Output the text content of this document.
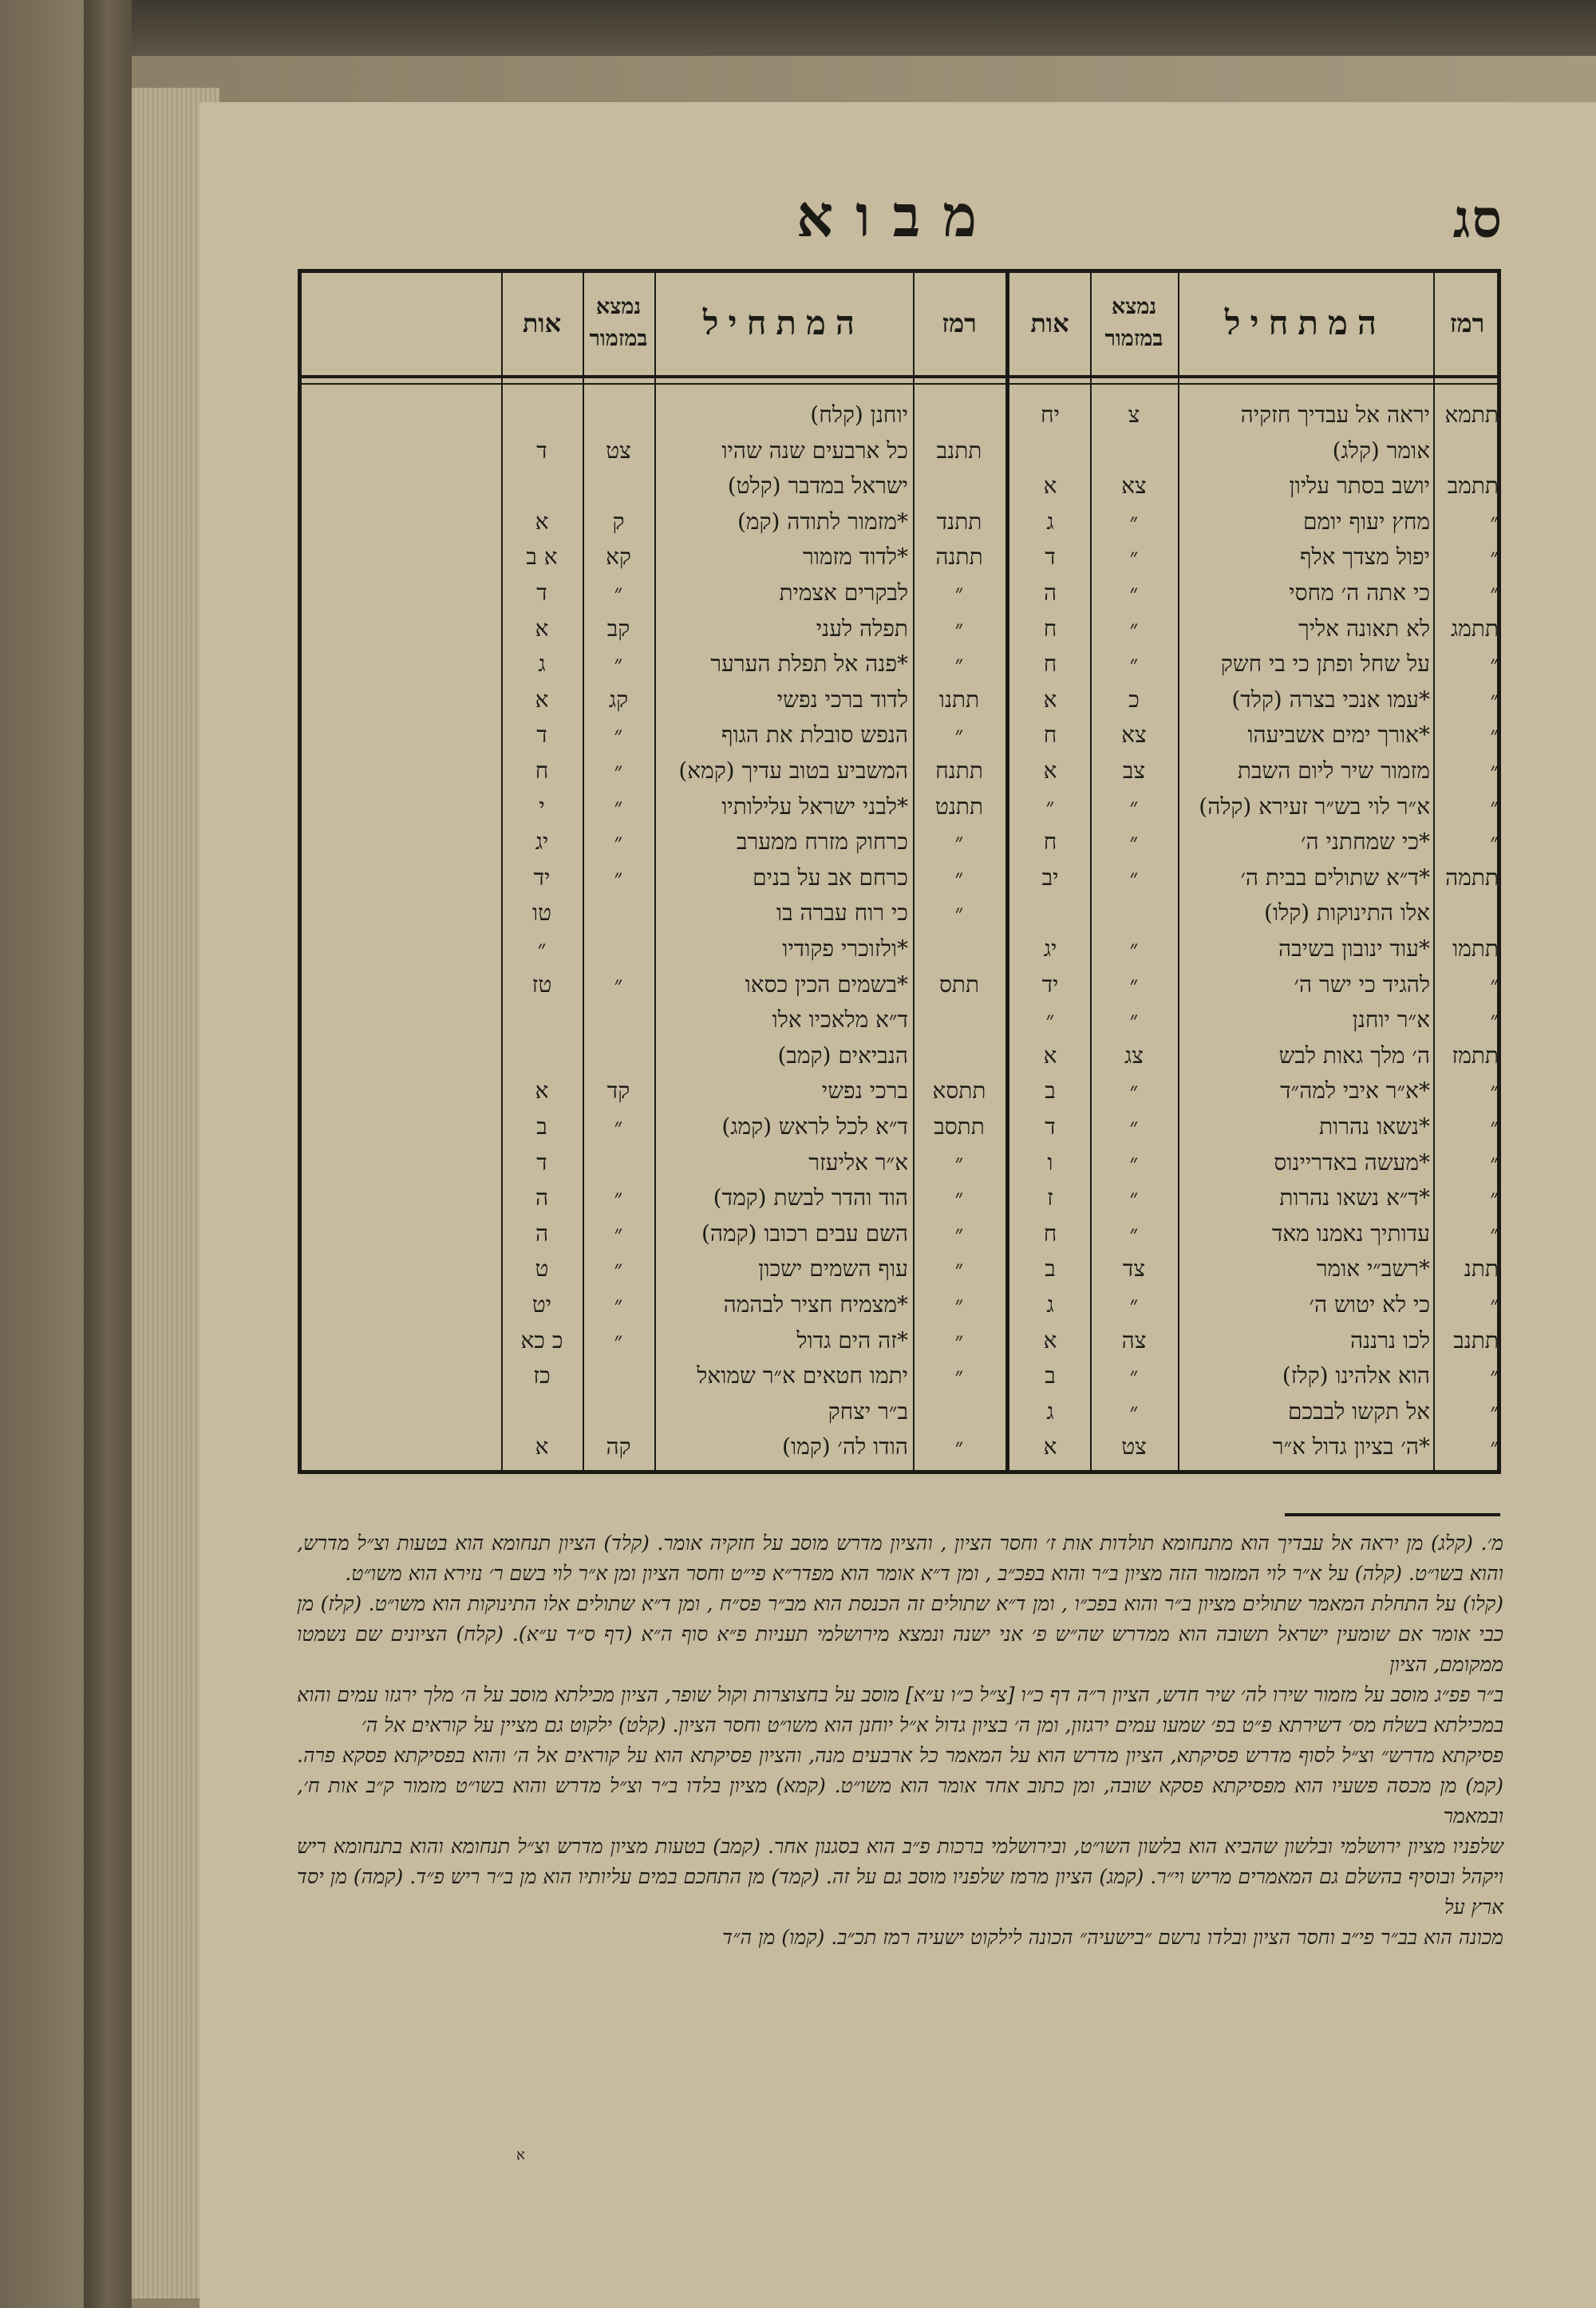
מבוא	סג
רמז
המתחיל
נמצא
במזמור
אות
רמז
המתחיל
נמצא
במזמור
אות
תתמא
יראה אל עבדיך חזקיה
צ
יח
אומר (קלג)
תתמב
יושב בסתר עליון
צא
א
״
מחץ יעוף יומם
״
ג
״
יפול מצדך אלף
״
ד
״
כי אתה ה׳ מחסי
״
ה
תתמג
לא תאונה אליך
״
ח
״
על שחל ופתן כי בי חשק
״
ח
״
*עמו אנכי בצרה (קלד)
כ
א
״
*אורך ימים אשביעהו
צא
ח
״
מזמור שיר ליום השבת
צב
א
״
א״ר לוי בש״ר זעירא (קלה)
״
״
״
*כי שמחתני ה׳
״
ח
תתמה
*ד״א שתולים בבית ה׳
״
יב
אלו התינוקות (קלו)
תתמו
*עוד ינובון בשיבה
״
יג
״
להגיד כי ישר ה׳
״
יד
״
א״ר יוחנן
״
״
תתמז
ה׳ מלך גאות לבש
צג
א
״
*א״ר איבי למה״ד
״
ב
״
*נשאו נהרות
״
ד
״
*מעשה באדריינוס
״
ו
״
*ד״א נשאו נהרות
״
ז
״
עדותיך נאמנו מאד
״
ח
תתנ
*רשב״י אומר
צד
ב
״
כי לא יטוש ה׳
״
ג
תתנב
לכו נרננה
צה
א
״
הוא אלהינו (קלז)
״
ב
״
אל תקשו לבבכם
״
ג
״
*ה׳ בציון גדול א״ר
צט
א
יוחנן (קלח)
תתנב
כל ארבעים שנה שהיו
צט
ד
ישראל במדבר (קלט)
תתנד
*מזמור לתודה (קמ)
ק
א
תתנה
*לדוד מזמור
קא
א ב
״
לבקרים אצמית
״
ד
״
תפלה לעני
קב
א
״
*פנה אל תפלת הערער
״
ג
תתנו
לדוד ברכי נפשי
קג
א
״
הנפש סובלת את הגוף
״
ד
תתנח
המשביע בטוב עדיך (קמא)
״
ח
תתנט
*לבני ישראל עלילותיו
״
י
״
כרחוק מזרח ממערב
״
יג
״
כרחם אב על בנים
״
יד
״
כי רוח עברה בו
טו
*ולזוכרי פקודיו
״
תתס
*בשמים הכין כסאו
״
טז
ד״א מלאכיו אלו
הנביאים (קמב)
תתסא
ברכי נפשי
קד
א
תתסב
ד״א לכל לראש (קמג)
״
ב
״
א״ר אליעזר
ד
״
הוד והדר לבשת (קמד)
״
ה
״
השם עבים רכובו (קמה)
״
ה
״
עוף השמים ישכון
״
ט
״
*מצמיח חציר לבהמה
״
יט
״
*זה הים גדול
״
כ כא
״
יתמו חטאים א״ר שמואל
כז
ב״ר יצחק
״
הודו לה׳ (קמו)
קה
א

מ׳. (קלג) מן יראה אל עבדיך הוא מתנחומא תולדות אות ז׳ וחסר הציון , והציון מדרש מוסב על חזקיה אומר. (קלד) הציון תנחומא הוא בטעות וצ״ל מדרש, והוא בשו״ט. (קלה) על א״ר לוי המזמור הזה מציון ב״ר והוא בפכ״ב , ומן ד״א אומר הוא מפדר״א פי״ט וחסר הציון ומן א״ר לוי בשם ר׳ נזירא הוא משו״ט.

(קלו) על התחלת המאמר שתולים מציון ב״ר והוא בפכ״ו , ומן ד״א שתולים זה הכנסת הוא מב״ר פס״ח , ומן ד״א שתולים אלו התינוקות הוא משו״ט. (קלז) מן כבי אומר אם שומעין ישראל תשובה הוא ממדרש שה״ש פ׳ אני ישנה ונמצא מירושלמי תעניות פ״א סוף ה״א (דף ס״ד ע״א). (קלח) הציונים שם נשמטו ממקומם, הציון

ב״ר פפ״ג מוסב על מזמור שירו לה׳ שיר חדש, הציון ר״ה דף כ״ו [צ״ל כ״ו ע״א] מוסב על בחצוצרות וקול שופר, הציון מכילתא מוסב על ה׳ מלך ירגזו עמים והוא במכילתא בשלח מס׳ דשירתא פ״ט בפ׳ שמעו עמים ירגזון, ומן ה׳ בציון גדול א״ל יוחנן הוא משו״ט וחסר הציון. (קלט) ילקוט גם מציין על קוראים אל ה׳

פסיקתא מדרש״ וצ״ל לסוף מדרש פסיקתא, הציון מדרש הוא על המאמר כל ארבעים מנה, והציון פסיקתא הוא על קוראים אל ה׳ והוא בפסיקתא פסקא פרה. (קמ) מן מכסה פשעיו הוא מפסיקתא פסקא שובה, ומן כתוב אחד אומר הוא משו״ט. (קמא) מציון בלדו ב״ר וצ״ל מדרש והוא בשו״ט מזמור ק״ב אות ח׳, ובמאמר

שלפניו מציון ירושלמי ובלשון שהביא הוא בלשון השו״ט, ובירושלמי ברכות פ״ב הוא בסגנון אחר. (קמב) בטעות מציון מדרש וצ״ל תנחומא והוא בתנחומא ריש ויקהל ובוסיף בהשלם גם המאמרים מריש וי״ר. (קמג) הציון מרמז שלפניו מוסב גם על זה. (קמד) מן התחכם במים עליותיו הוא מן ב״ר ריש פ״ד. (קמה) מן יסד ארץ על

מכונה הוא בב״ר פי״ב וחסר הציון ובלדו נרשם ״בישעיה״ הכונה לילקוט ישעיה רמז תכ״ב. (קמו) מן ה״ד

א
